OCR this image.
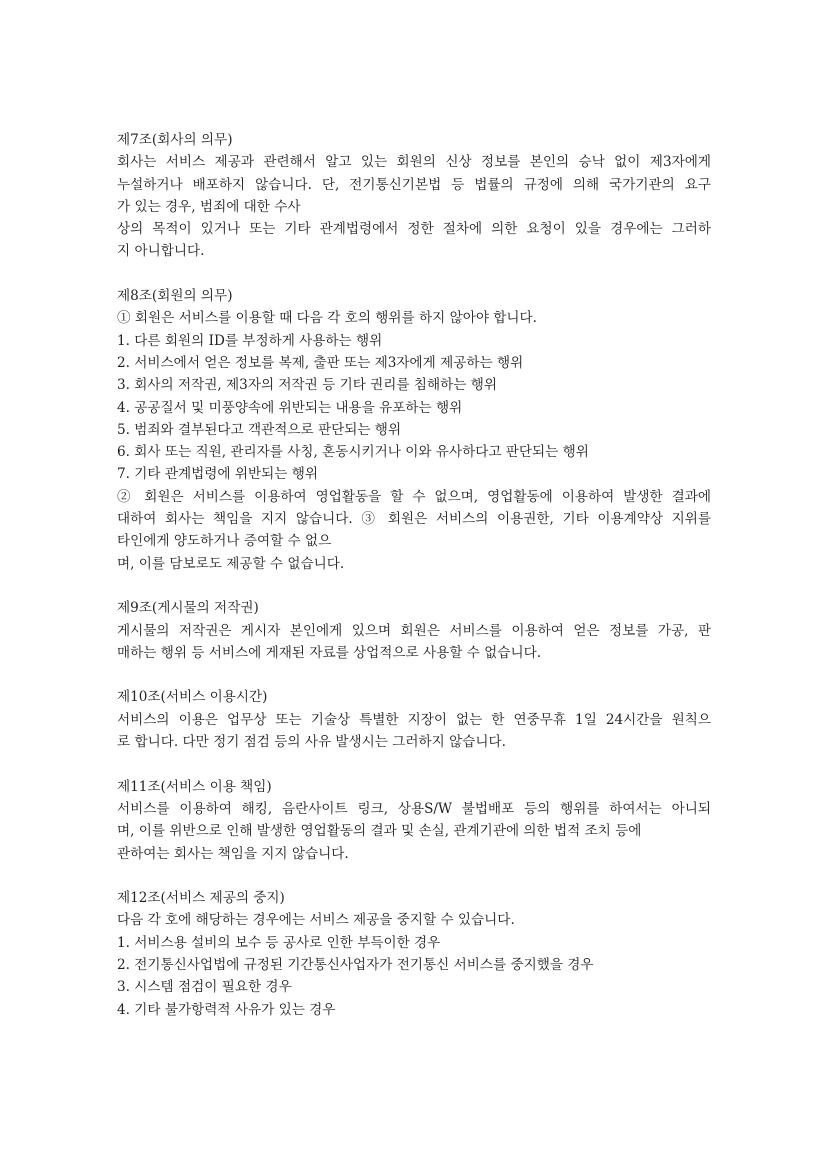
제7조(회사의 의무)
회사는 서비스 제공과 관련해서 알고 있는 회원의 신상 정보를 본인의 승낙 없이 제3자에게
누설하거나 배포하지 않습니다. 단, 전기통신기본법 등 법률의 규정에 의해 국가기관의 요구
가 있는 경우, 범죄에 대한 수사
상의 목적이 있거나 또는 기타 관계법령에서 정한 절차에 의한 요청이 있을 경우에는 그러하
지 아니합니다.
제8조(회원의 의무)
① 회원은 서비스를 이용할 때 다음 각 호의 행위를 하지 않아야 합니다.
1. 다른 회원의 ID를 부정하게 사용하는 행위
2. 서비스에서 얻은 정보를 복제, 출판 또는 제3자에게 제공하는 행위
3. 회사의 저작권, 제3자의 저작권 등 기타 권리를 침해하는 행위
4. 공공질서 및 미풍양속에 위반되는 내용을 유포하는 행위
5. 범죄와 결부된다고 객관적으로 판단되는 행위
6. 회사 또는 직원, 관리자를 사칭, 혼동시키거나 이와 유사하다고 판단되는 행위
7. 기타 관계법령에 위반되는 행위
② 회원은 서비스를 이용하여 영업활동을 할 수 없으며, 영업활동에 이용하여 발생한 결과에
대하여 회사는 책임을 지지 않습니다. ③ 회원은 서비스의 이용권한, 기타 이용계약상 지위를
타인에게 양도하거나 증여할 수 없으
며, 이를 담보로도 제공할 수 없습니다.
제9조(게시물의 저작권)
게시물의 저작권은 게시자 본인에게 있으며 회원은 서비스를 이용하여 얻은 정보를 가공, 판
매하는 행위 등 서비스에 게재된 자료를 상업적으로 사용할 수 없습니다.
제10조(서비스 이용시간)
서비스의 이용은 업무상 또는 기술상 특별한 지장이 없는 한 연중무휴 1일 24시간을 원칙으
로 합니다. 다만 정기 점검 등의 사유 발생시는 그러하지 않습니다.
제11조(서비스 이용 책임)
서비스를 이용하여 해킹, 음란사이트 링크, 상용S/W 불법배포 등의 행위를 하여서는 아니되
며, 이를 위반으로 인해 발생한 영업활동의 결과 및 손실, 관계기관에 의한 법적 조치 등에
관하여는 회사는 책임을 지지 않습니다.
제12조(서비스 제공의 중지)
다음 각 호에 해당하는 경우에는 서비스 제공을 중지할 수 있습니다.
1. 서비스용 설비의 보수 등 공사로 인한 부득이한 경우
2. 전기통신사업법에 규정된 기간통신사업자가 전기통신 서비스를 중지했을 경우
3. 시스템 점검이 필요한 경우
4. 기타 불가항력적 사유가 있는 경우
